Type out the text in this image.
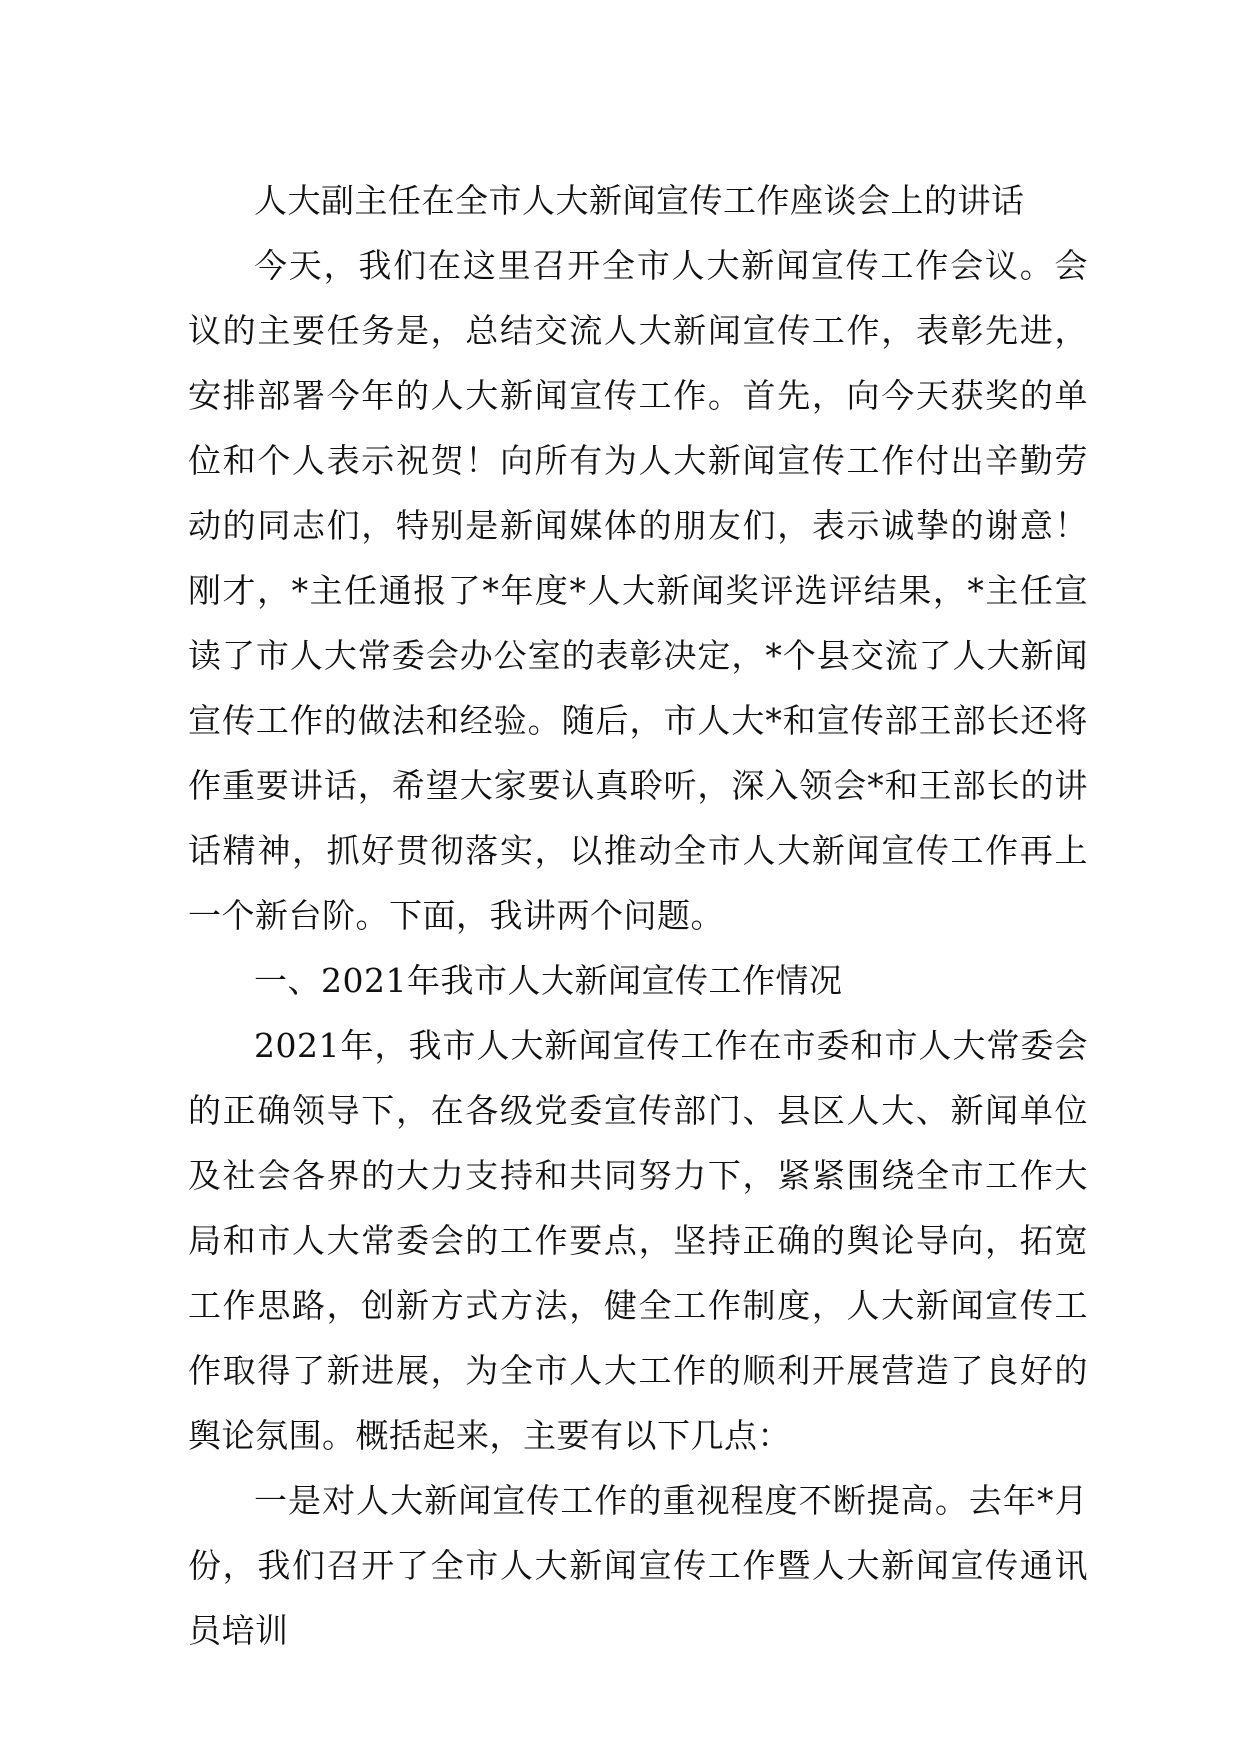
人大副主任在全市人大新闻宣传工作座谈会上的讲话

今天，我们在这里召开全市人大新闻宣传工作会议。会议的主要任务是，总结交流人大新闻宣传工作，表彰先进，安排部署今年的人大新闻宣传工作。首先，向今天获奖的单位和个人表示祝贺！向所有为人大新闻宣传工作付出辛勤劳动的同志们，特别是新闻媒体的朋友们，表示诚挚的谢意！刚才，*主任通报了*年度*人大新闻奖评选评结果，*主任宣读了市人大常委会办公室的表彰决定，*个县交流了人大新闻宣传工作的做法和经验。随后，市人大*和宣传部王部长还将作重要讲话，希望大家要认真聆听，深入领会*和王部长的讲话精神，抓好贯彻落实，以推动全市人大新闻宣传工作再上一个新台阶。下面，我讲两个问题。

一、2021年我市人大新闻宣传工作情况

2021年，我市人大新闻宣传工作在市委和市人大常委会的正确领导下，在各级党委宣传部门、县区人大、新闻单位及社会各界的大力支持和共同努力下，紧紧围绕全市工作大局和市人大常委会的工作要点，坚持正确的舆论导向，拓宽工作思路，创新方式方法，健全工作制度，人大新闻宣传工作取得了新进展，为全市人大工作的顺利开展营造了良好的舆论氛围。概括起来，主要有以下几点：

一是对人大新闻宣传工作的重视程度不断提高。去年*月份，我们召开了全市人大新闻宣传工作暨人大新闻宣传通讯员培训
